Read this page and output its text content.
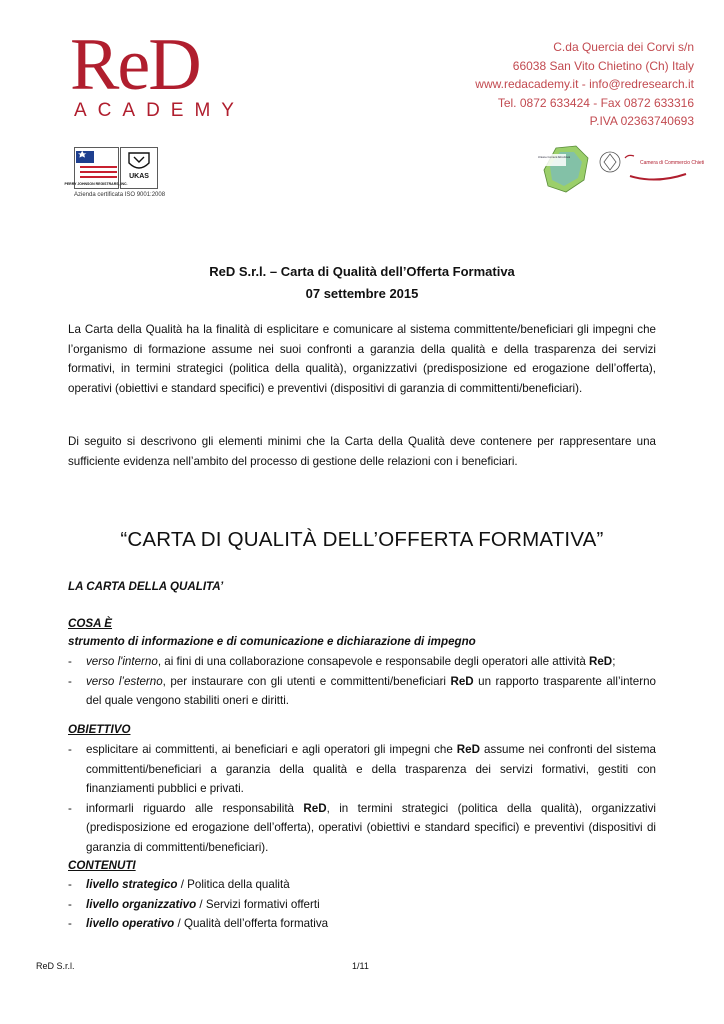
ReD
ACADEMY
C.da Quercia dei Corvi s/n
66038 San Vito Chietino (Ch) Italy
www.redacademy.it - info@redresearch.it
Tel. 0872 633424 - Fax 0872 633316
P.IVA 02363740693
UKAS
PERRY JOHNSON REGISTRARS, INC.
Azienda certificata ISO 9001:2008
Unione Comuni Abruzzesi
Camera di Commercio Chieti
ReD S.r.l. – Carta di Qualità dell’Offerta Formativa
07 settembre 2015
La Carta della Qualità ha la finalità di esplicitare e comunicare al sistema committente/beneficiari gli impegni che l’organismo di formazione assume nei suoi confronti a garanzia della qualità e della trasparenza dei servizi formativi, in termini strategici (politica della qualità), organizzativi (predisposizione ed erogazione dell’offerta), operativi (obiettivi e standard specifici) e preventivi (dispositivi di garanzia di committenti/beneficiari).
Di seguito si descrivono gli elementi minimi che la Carta della Qualità deve contenere per rappresentare una sufficiente evidenza nell’ambito del processo di gestione delle relazioni con i beneficiari.
“CARTA DI QUALITÀ DELL’OFFERTA FORMATIVA”
LA CARTA DELLA QUALITA’
COSA È
strumento di informazione e di comunicazione e dichiarazione di impegno
- verso l'interno, ai fini di una collaborazione consapevole e responsabile degli operatori alle attività ReD;
- verso l’esterno, per instaurare con gli utenti e committenti/beneficiari ReD un rapporto trasparente all’interno del quale vengono stabiliti oneri e diritti.
OBIETTIVO
- esplicitare ai committenti, ai beneficiari e agli operatori gli impegni che ReD assume nei confronti del sistema committenti/beneficiari a garanzia della qualità e della trasparenza dei servizi formativi, gestiti con finanziamenti pubblici e privati.
- informarli riguardo alle responsabilità ReD, in termini strategici (politica della qualità), organizzativi (predisposizione ed erogazione dell’offerta), operativi (obiettivi e standard specifici) e preventivi (dispositivi di garanzia di committenti/beneficiari).
CONTENUTI
- livello strategico / Politica della qualità
- livello organizzativo / Servizi formativi offerti
- livello operativo / Qualità dell’offerta formativa
ReD S.r.l.	1/11
